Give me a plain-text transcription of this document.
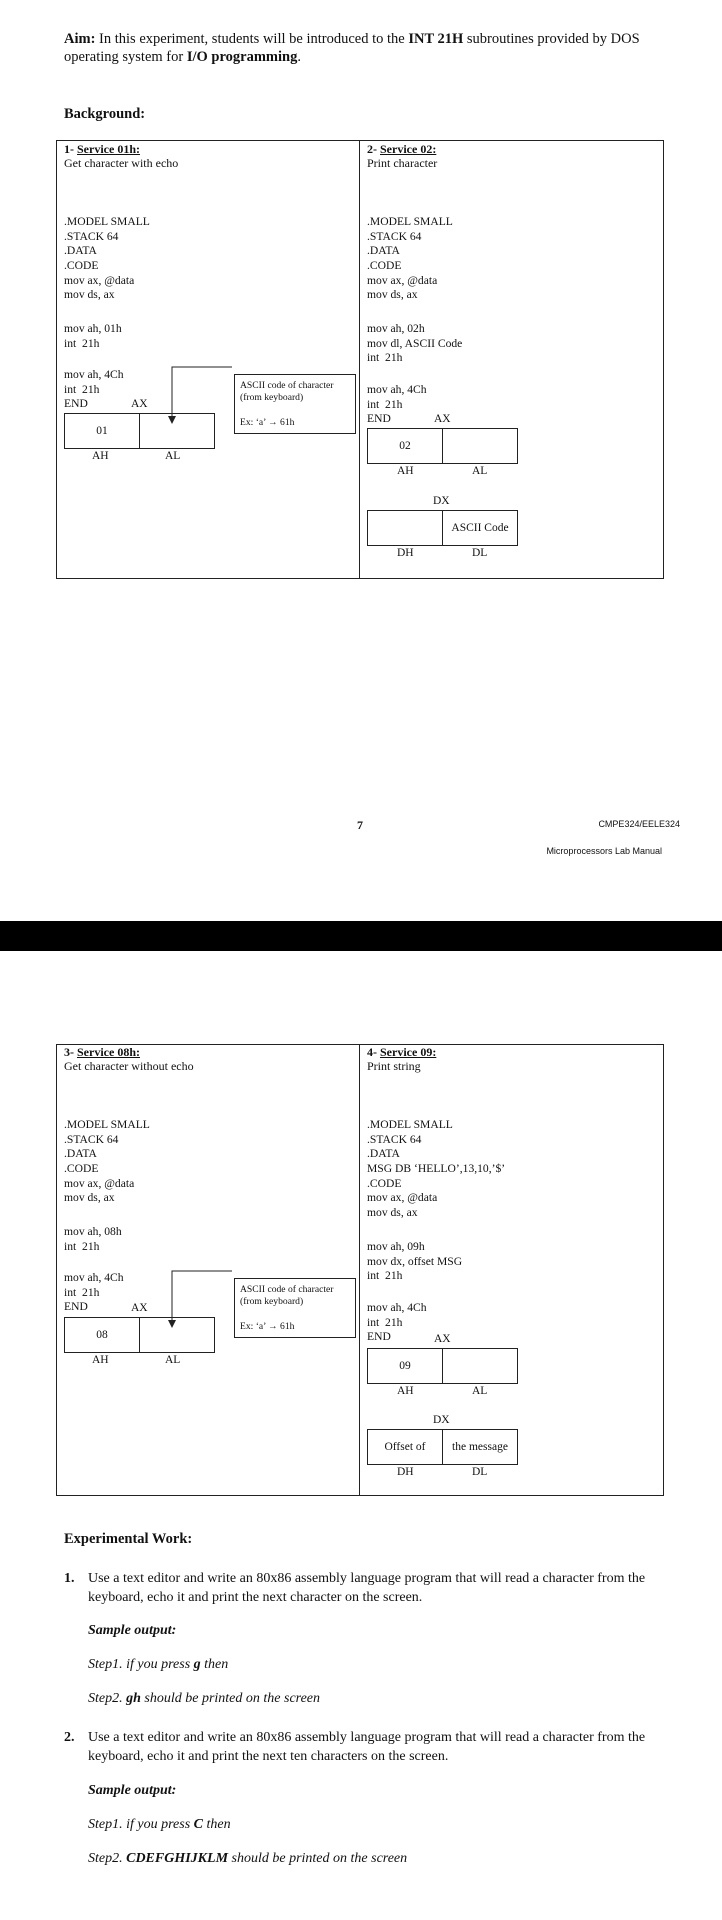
Aim: In this experiment, students will be introduced to the INT 21H subroutines provided by DOS operating system for I/O programming.
Background:
1- Service 01h:
Get character with echo

.MODEL SMALL
.STACK 64
.DATA
.CODE
mov ax, @data
mov ds, ax

mov ah, 01h
int  21h

mov ah, 4Ch
int  21h
END	AX
01
AH	AL
ASCII code of character
(from keyboard)
Ex: ‘a’ → 61h
2- Service 02:
Print character

.MODEL SMALL
.STACK 64
.DATA
.CODE
mov ax, @data
mov ds, ax

mov ah, 02h
mov dl, ASCII Code
int  21h

mov ah, 4Ch
int  21h
END	AX
02
AH	AL
DX
ASCII Code
DH	DL
7	CMPE324/EELE324
Microprocessors Lab Manual
3- Service 08h:
Get character without echo

.MODEL SMALL
.STACK 64
.DATA
.CODE
mov ax, @data
mov ds, ax

mov ah, 08h
int  21h

mov ah, 4Ch
int  21h
END	AX
08
AH	AL
ASCII code of character
(from keyboard)
Ex: ‘a’ → 61h
4- Service 09:
Print string

.MODEL SMALL
.STACK 64
.DATA
MSG DB ‘HELLO’,13,10,’$’
.CODE
mov ax, @data
mov ds, ax

mov ah, 09h
mov dx, offset MSG
int  21h

mov ah, 4Ch
int  21h
END	AX
09
AH	AL
DX
Offset of	the message
DH	DL
Experimental Work:
1. Use a text editor and write an 80x86 assembly language program that will read a character from the keyboard, echo it and print the next character on the screen.
Sample output:
Step1. if you press g then
Step2. gh should be printed on the screen
2. Use a text editor and write an 80x86 assembly language program that will read a character from the keyboard, echo it and print the next ten characters on the screen.
Sample output:
Step1. if you press C then
Step2. CDEFGHIJKLM should be printed on the screen
